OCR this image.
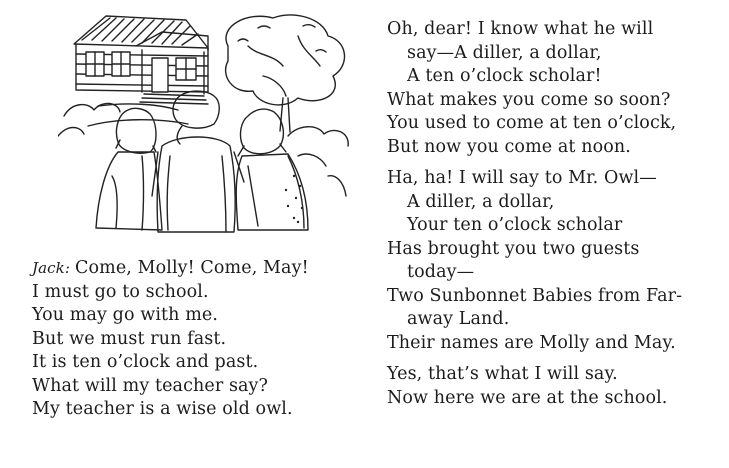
Jack: Come, Molly! Come, May!
I must go to school.
You may go with me.
But we must run fast.
It is ten o’clock and past.
What will my teacher say?
My teacher is a wise old owl.
Oh, dear! I know what he will
say—A diller, a dollar,
A ten o’clock scholar!
What makes you come so soon?
You used to come at ten o’clock,
But now you come at noon.
Ha, ha! I will say to Mr. Owl—
A diller, a dollar,
Your ten o’clock scholar
Has brought you two guests
today—
Two Sunbonnet Babies from Far-
away Land.
Their names are Molly and May.
Yes, that’s what I will say.
Now here we are at the school.
